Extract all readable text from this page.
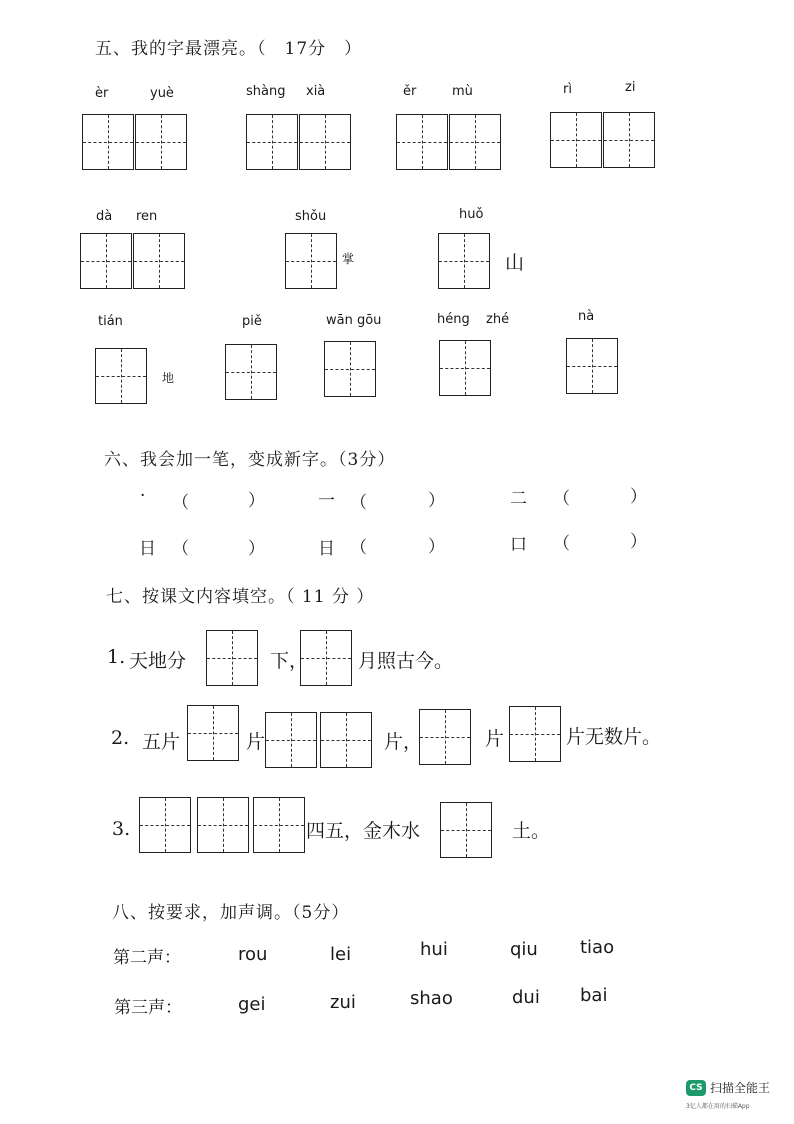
五、我的字最漂亮。（　17分　）
èr	yuè	shàng xià	ěr	mù	rì	zi
dà ren	shǒu	huǒ
掌	山
tián	piě	wān gōu	héng zhé	nà
地
六、我会加一笔，变成新字。（3分）
· （	）	一 （	）	二 （	）
日 （	）	日 （	）	口 （	）
七、按课文内容填空。（ 11 分 ）
1. 天地分	下，	月照古今。
2. 五片	片	片，	片	片无数片。
3.	四五，金木水	土。
八、按要求，加声调。（5分）
第二声：	rou	lei	hui	qiu tiao
第三声：	gei	zui	shao	dui bai
CS 扫描全能王
3亿人都在用的扫描App
